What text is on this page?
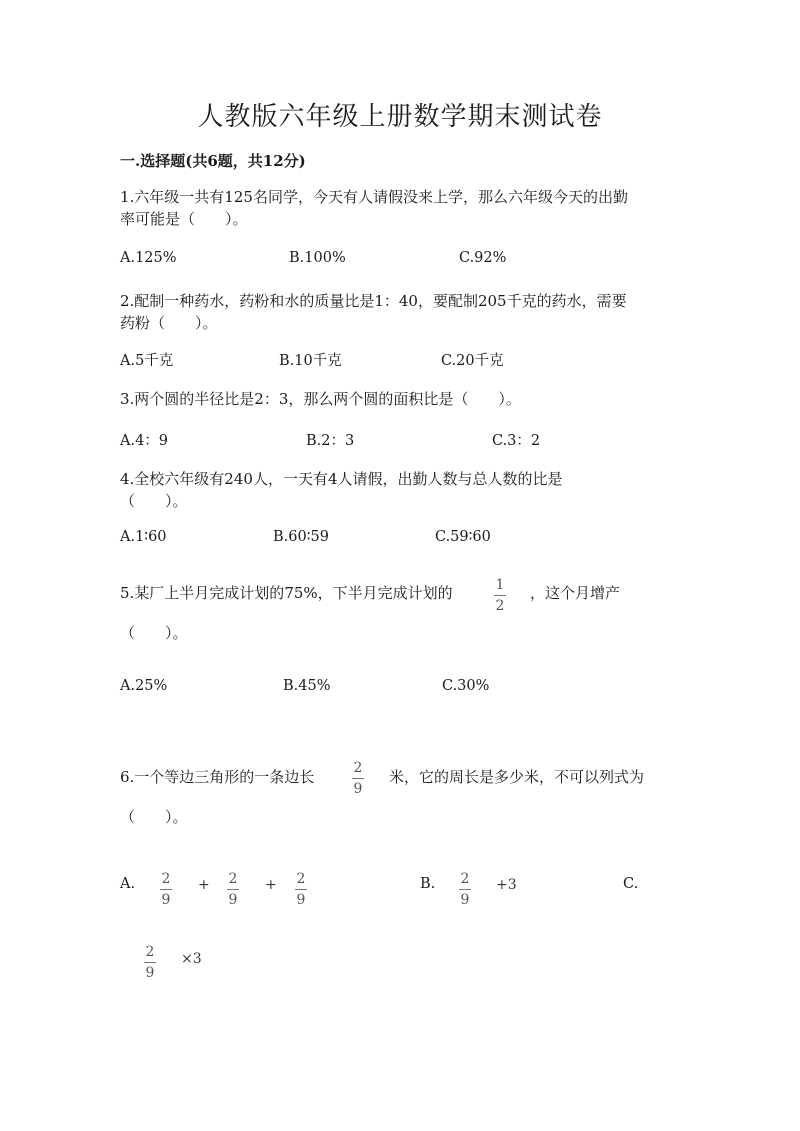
人教版六年级上册数学期末测试卷
一.选择题(共6题，共12分)
1.六年级一共有125名同学，今天有人请假没来上学，那么六年级今天的出勤
率可能是（　　）。
A.125%	B.100%	C.92%
2.配制一种药水，药粉和水的质量比是1：40，要配制205千克的药水，需要
药粉（　　）。
A.5千克	B.10千克	C.20千克
3.两个圆的半径比是2：3，那么两个圆的面积比是（　　）。
A.4：9	B.2：3	C.3：2
4.全校六年级有240人，一天有4人请假，出勤人数与总人数的比是
（　　）。
A.1∶60	B.60∶59	C.59∶60
5.某厂上半月完成计划的75%，下半月完成计划的	1
2
，这个月增产
（　　）。
A.25%	B.45%	C.30%
6.一个等边三角形的一条边长	2
9
米，它的周长是多少米，不可以列式为
（　　）。
A. 2
9
+ 2
9
+ 2
9
B. 2
9
+3	C.
2
9
×3
